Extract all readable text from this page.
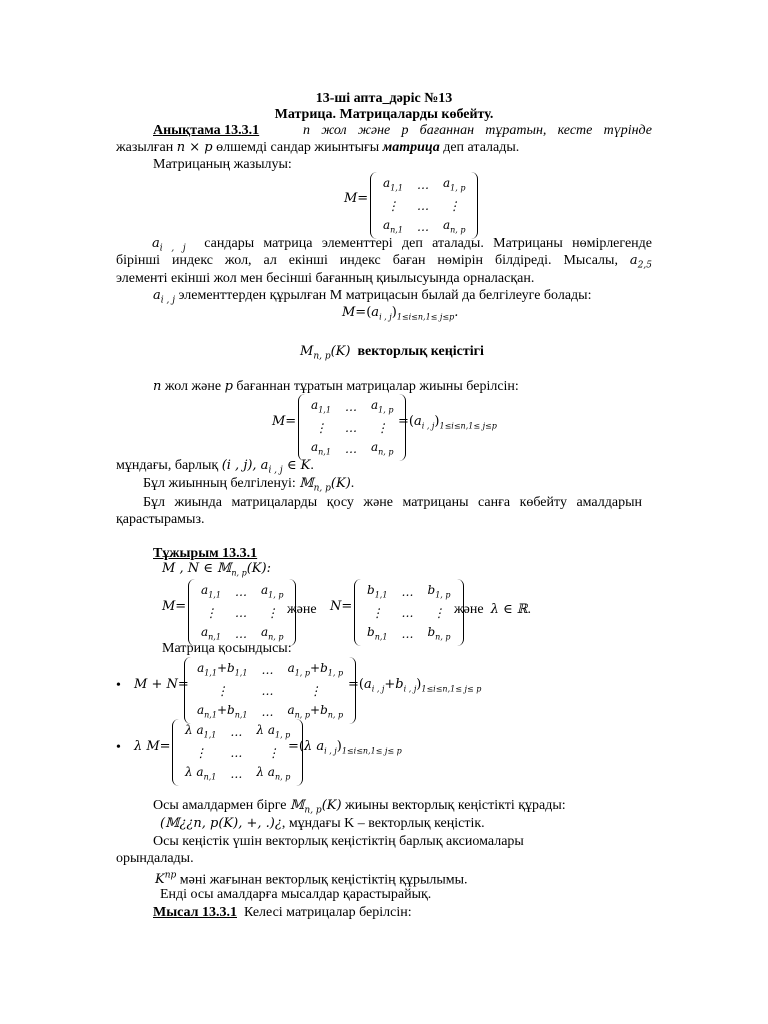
13-ші апта_дәріс №13
Матрица. Матрицаларды көбейту.
Анықтама 13.3.1	n жол және p бағаннан тұратын, кесте түрінде
жазылған n × p өлшемді сандар жиынтығы матрица деп аталады.
Матрицаның жазылуы:
M=
$a_{1,1}$	…	$a_{1, p}$
⋮	…	⋮
$a_{n,1}$	…	$a_{n, p}$
$a_{i , j}$ сандары матрица элементтері деп аталады. Матрицаны нөмірлегенде
бірінші индекс жол, ал екінші индекс баған нөмірін білдіреді. Мысалы, $a_{2,5}$
элементі екінші жол мен бесінші бағанның қиылысуында орналасқан.
$a_{i , j}$ элементтерден құрылған M матрицасын былай да белгілеуге болады:
$M=(a_{i , j})_{1\le i\le n,1\le j\le p}$.
$M_{n, p}(K)$ векторлық кеңістігі
n жол және p бағаннан тұратын матрицалар жиыны берілсін:
M=
$a_{1,1}$	…	$a_{1, p}$
⋮	…	⋮
$a_{n,1}$	…	$a_{n, p}$
$=(a_{i , j})_{1\le i\le n,1\le j\le p}$
мұндағы, барлық (i , j), $a_{i , j}$ ∈ K.
Бұл жиынның белгіленуі: 𝕄$_{n, p}$(K).
Бұл жиында матрицаларды қосу және матрицаны санға көбейту амалдарын
қарастырамыз.
Тұжырым 13.3.1
M , N ∈ 𝕄$_{n, p}$(K):
M=
$a_{1,1}$	…	$a_{1, p}$
⋮	…	⋮
$a_{n,1}$	…	$a_{n, p}$
және N=
$b_{1,1}$	…	$b_{1, p}$
⋮	…	⋮
$b_{n,1}$	…	$b_{n, p}$
және λ ∈ ℝ.
Матрица қосындысы:
• M + N=
$a_{1,1}+b_{1,1}$	…	$a_{1, p}+b_{1, p}$
⋮	…	⋮
$a_{n,1}+b_{n,1}$	…	$a_{n, p}+b_{n, p}$
$=(a_{i , j}+b_{i , j})_{1\le i\le n,1\le j\le p}$
• λ M=
λ $a_{1,1}$	…	λ $a_{1, p}$
⋮	…	⋮
λ $a_{n,1}$	…	λ $a_{n, p}$
=(λ $a_{i , j})_{1\le i\le n,1\le j\le p}$
Осы амалдармен бірге 𝕄$_{n, p}$(K) жиыны векторлық кеңістікті құрады:
(𝕄¿¿n, p(K), +, .)¿, мұндағы K – векторлық кеңістік.
Осы кеңістік үшін векторлық кеңістіктің барлық аксиомалары
орындалады.
$K^{np}$ мәні жағынан векторлық кеңістіктің құрылымы.
Енді осы амалдарға мысалдар қарастырайық.
Мысал 13.3.1 Келесі матрицалар берілсін:
